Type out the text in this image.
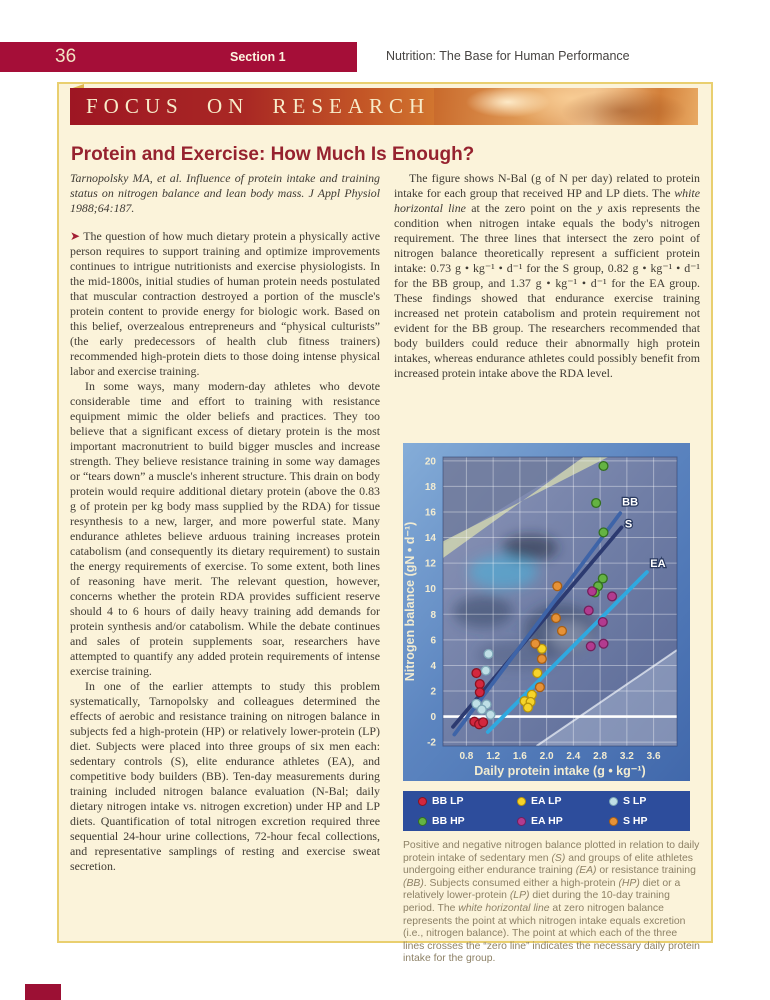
36	Section 1	Nutrition: The Base for Human Performance
FOCUS ON RESEARCH
Protein and Exercise: How Much Is Enough?

Tarnopolsky MA, et al. Influence of protein intake and training status on nitrogen balance and lean body mass. J Appl Physiol 1988;64:187.

➤ The question of how much dietary protein a physically active person requires to support training and optimize improvements continues to intrigue nutritionists and exercise physiologists. In the mid-1800s, initial studies of human protein needs postulated that muscular contraction destroyed a portion of the muscle's protein content to provide energy for biologic work. Based on this belief, overzealous entrepreneurs and “physical culturists” (the early predecessors of health club fitness trainers) recommended high-protein diets to those doing intense physical labor and exercise training.

In some ways, many modern-day athletes who devote considerable time and effort to training with resistance equipment mimic the older beliefs and practices. They too believe that a significant excess of dietary protein is the most important macronutrient to build bigger muscles and increase strength. They believe resistance training in some way damages or “tears down” a muscle's inherent structure. This drain on body protein would require additional dietary protein (above the 0.83 g of protein per kg body mass supplied by the RDA) for tissue resynthesis to a new, larger, and more powerful state. Many endurance athletes believe arduous training increases protein catabolism (and consequently its dietary requirement) to sustain the energy requirements of exercise. To some extent, both lines of reasoning have merit. The relevant question, however, concerns whether the protein RDA provides sufficient reserve should 4 to 6 hours of daily heavy training add demands for protein synthesis and/or catabolism. While the debate continues and sales of protein supplements soar, researchers have attempted to quantify any added protein requirements of intense exercise training.

In one of the earlier attempts to study this problem systematically, Tarnopolsky and colleagues determined the effects of aerobic and resistance training on nitrogen balance in subjects fed a high-protein (HP) or relatively lower-protein (LP) diet. Subjects were placed into three groups of six men each: sedentary controls (S), elite endurance athletes (EA), and competitive body builders (BB). Ten-day measurements during training included nitrogen balance evaluation (N-Bal; daily dietary nitrogen intake vs. nitrogen excretion) under HP and LP diets. Quantification of total nitrogen excretion required three sequential 24-hour urine collections, 72-hour fecal collections, and representative samplings of resting and exercise sweat secretion.

The figure shows N-Bal (g of N per day) related to protein intake for each group that received HP and LP diets. The white horizontal line at the zero point on the y axis represents the condition when nitrogen intake equals the body's nitrogen requirement. The three lines that intersect the zero point of nitrogen balance theoretically represent a sufficient protein intake: 0.73 g • kg⁻¹ • d⁻¹ for the S group, 0.82 g • kg⁻¹ • d⁻¹ for the BB group, and 1.37 g • kg⁻¹ • d⁻¹ for the EA group. These findings showed that endurance exercise training increased net protein catabolism and protein requirement not evident for the BB group. The researchers recommended that body builders could reduce their abnormally high protein intakes, whereas endurance athletes could possibly benefit from increased protein intake above the RDA level.

S
BB
EA
0.8 1.2 1.6 2.0 2.4 2.8 3.2 3.6
-2
0
2
4
6
8
10
12
14
16
18
20
Daily protein intake (g • kg⁻¹)
Nitrogen balance (gN • d⁻¹)
BB LP	EA LP	S LP
BB HP	EA HP	S HP
Positive and negative nitrogen balance plotted in relation to daily protein intake of sedentary men (S) and groups of elite athletes undergoing either endurance training (EA) or resistance training (BB). Subjects consumed either a high-protein (HP) diet or a relatively lower-protein (LP) diet during the 10-day training period. The white horizontal line at zero nitrogen balance represents the point at which nitrogen intake equals excretion (i.e., nitrogen balance). The point at which each of the three lines crosses the “zero line” indicates the necessary daily protein intake for the group.
